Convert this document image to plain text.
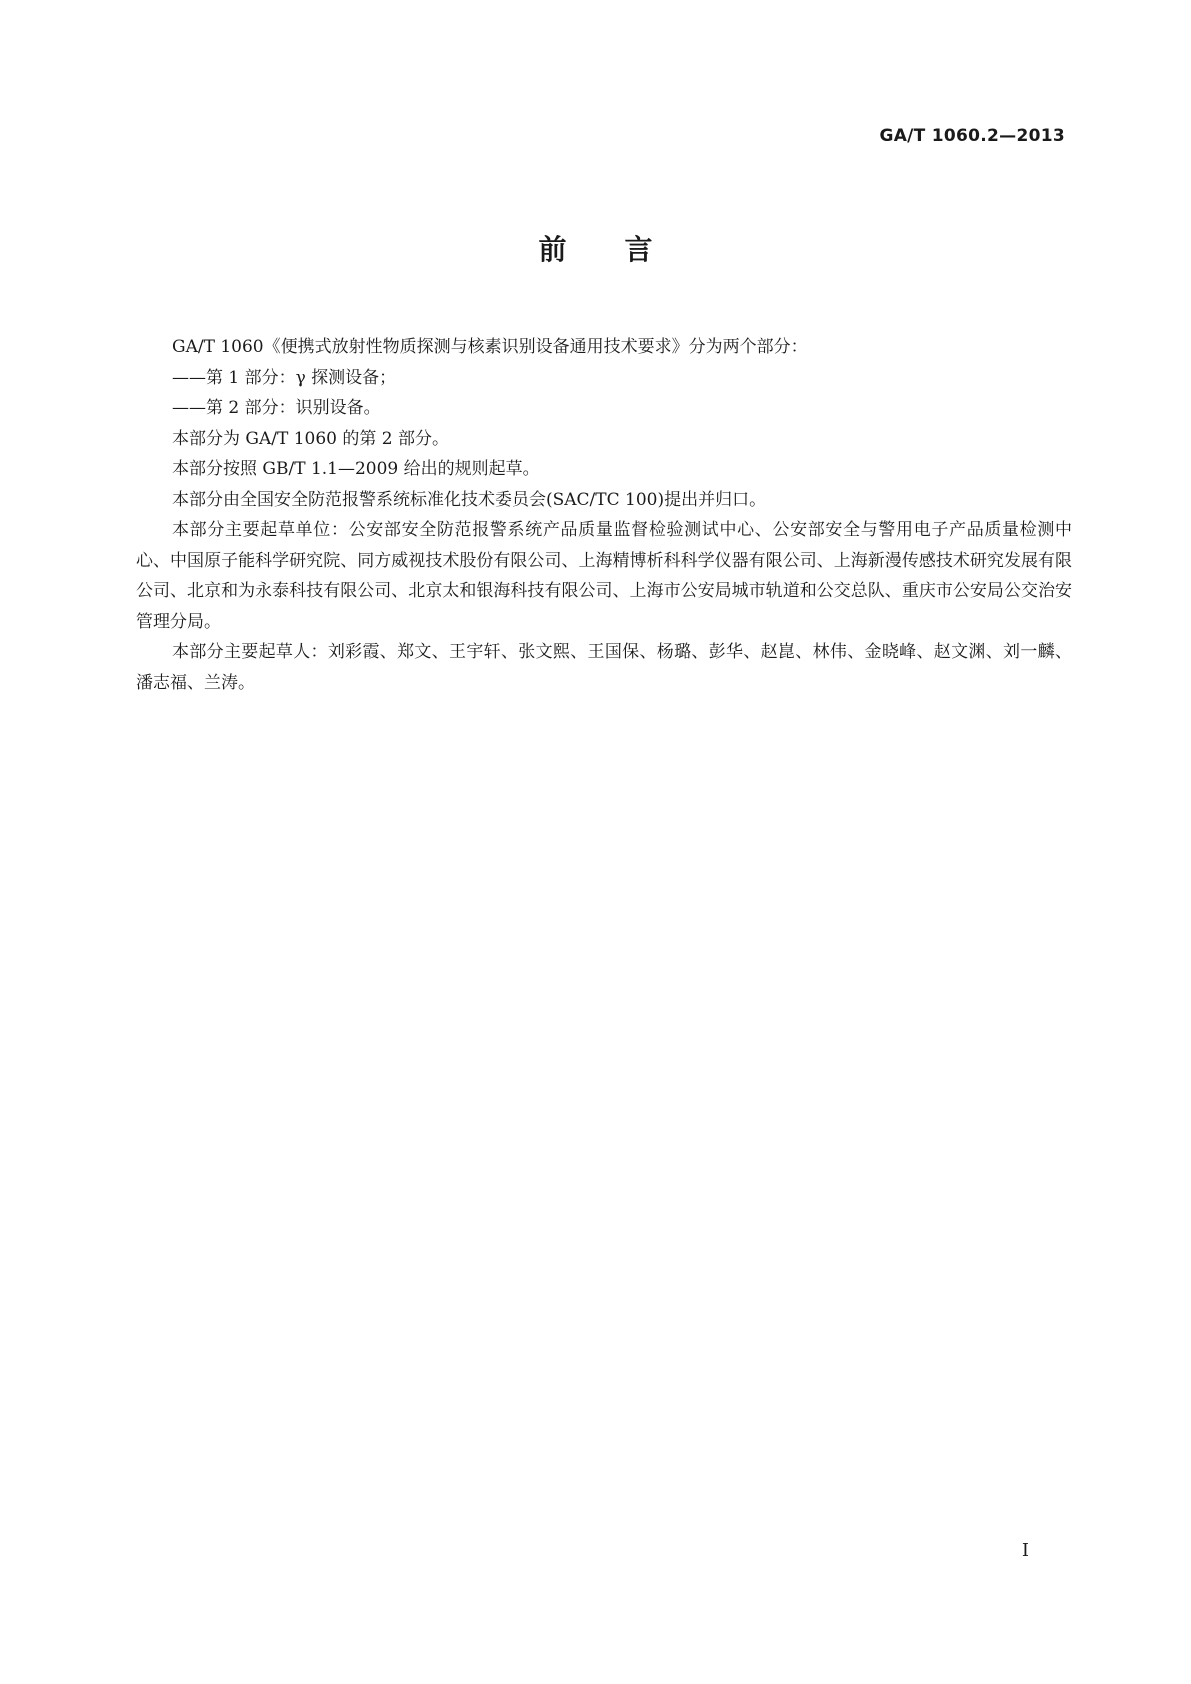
GA/T 1060.2—2013
前 言

GA/T 1060《便携式放射性物质探测与核素识别设备通用技术要求》分为两个部分：

——第 1 部分：γ 探测设备；

——第 2 部分：识别设备。

本部分为 GA/T 1060 的第 2 部分。

本部分按照 GB/T 1.1—2009 给出的规则起草。

本部分由全国安全防范报警系统标准化技术委员会(SAC/TC 100)提出并归口。

本部分主要起草单位：公安部安全防范报警系统产品质量监督检验测试中心、公安部安全与警用电子产品质量检测中心、中国原子能科学研究院、同方威视技术股份有限公司、上海精博析科科学仪器有限公司、上海新漫传感技术研究发展有限公司、北京和为永泰科技有限公司、北京太和银海科技有限公司、上海市公安局城市轨道和公交总队、重庆市公安局公交治安管理分局。

本部分主要起草人：刘彩霞、郑文、王宇轩、张文熙、王国保、杨璐、彭华、赵崑、林伟、金晓峰、赵文渊、刘一麟、潘志福、兰涛。

I
